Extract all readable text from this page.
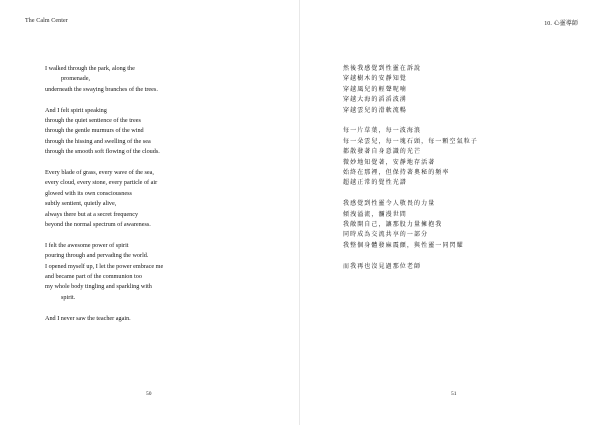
The Calm Center
I walked through the park, along the
promenade,
underneath the swaying branches of the trees.
And I felt spirit speaking
through the quiet sentience of the trees
through the gentle murmurs of the wind
through the hissing and swelling of the sea
through the smooth soft flowing of the clouds.
Every blade of grass, every wave of the sea,
every cloud, every stone, every particle of air
glowed with its own consciousness
subtly sentient, quietly alive,
always there but at a secret frequency
beyond the normal spectrum of awareness.
I felt the awesome power of spirit
pouring through and pervading the world.
I opened myself up, I let the power embrace me
and became part of the communion too
my whole body tingling and sparkling with
spirit.
And I never saw the teacher again.
50
10. 心靈導師
然後我感覺到性靈在訴說
穿越樹木的安靜知覺
穿越風兒的輕聲呢喃
穿越大海的滔滔波湧
穿越雲兒的滑軟流暢
每一片草葉，每一波海浪
每一朵雲兒，每一塊石頭，每一顆空氣粒子
都散發著自身意識的光芒
微妙地知覺著，安靜地存活著
始終在那裡，但保持著奧秘的頻率
超越正常的覺性光譜
我感覺到性靈令人敬畏的力量
傾洩溢流，瀰漫世間
我敞開自己，讓那股力量擁抱我
同時成為交流共享的一部分
我整個身體發麻震顫，與性靈一同閃耀
而我再也沒見過那位老師
51
